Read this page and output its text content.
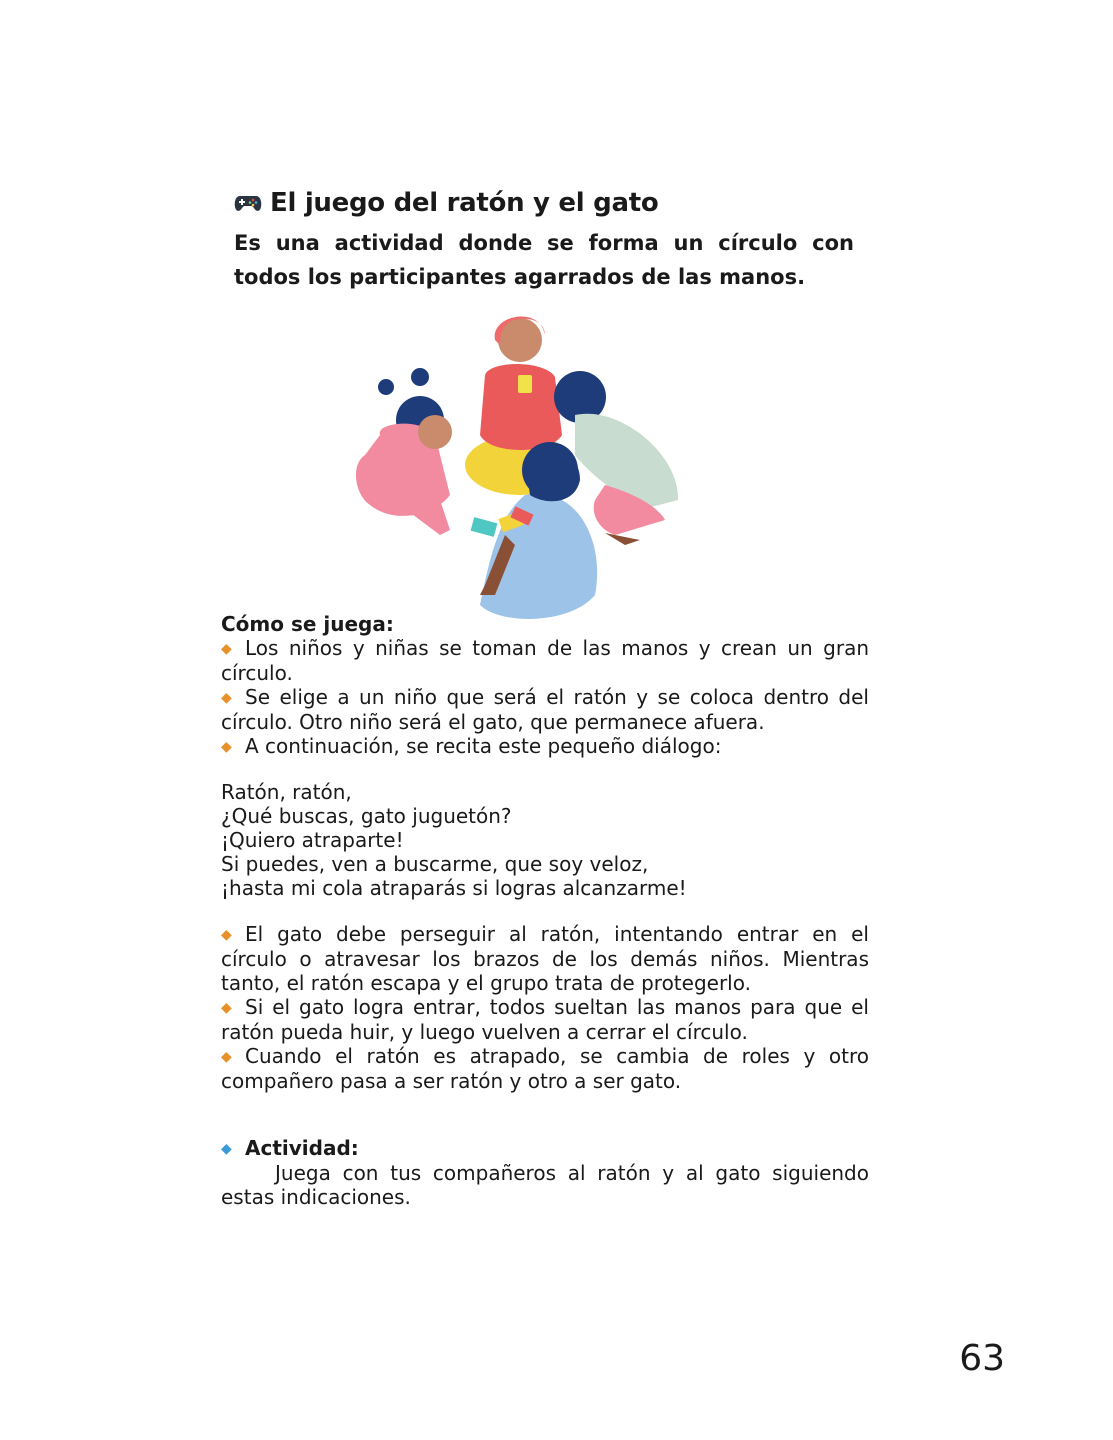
El juego del ratón y el gato
Es una actividad donde se forma un círculo con todos los participantes agarrados de las manos.

Cómo se juega:

◆ Los niños y niñas se toman de las manos y crean un gran círculo.

◆ Se elige a un niño que será el ratón y se coloca dentro del círculo. Otro niño será el gato, que permanece afuera.

◆ A continuación, se recita este pequeño diálogo:

Ratón, ratón,

¿Qué buscas, gato juguetón?

¡Quiero atraparte!

Si puedes, ven a buscarme, que soy veloz,

¡hasta mi cola atraparás si logras alcanzarme!

◆ El gato debe perseguir al ratón, intentando entrar en el círculo o atravesar los brazos de los demás niños. Mientras tanto, el ratón escapa y el grupo trata de protegerlo.

◆ Si el gato logra entrar, todos sueltan las manos para que el ratón pueda huir, y luego vuelven a cerrar el círculo.

◆ Cuando el ratón es atrapado, se cambia de roles y otro compañero pasa a ser ratón y otro a ser gato.

◆ Actividad:

Juega con tus compañeros al ratón y al gato siguiendo estas indicaciones.

63
